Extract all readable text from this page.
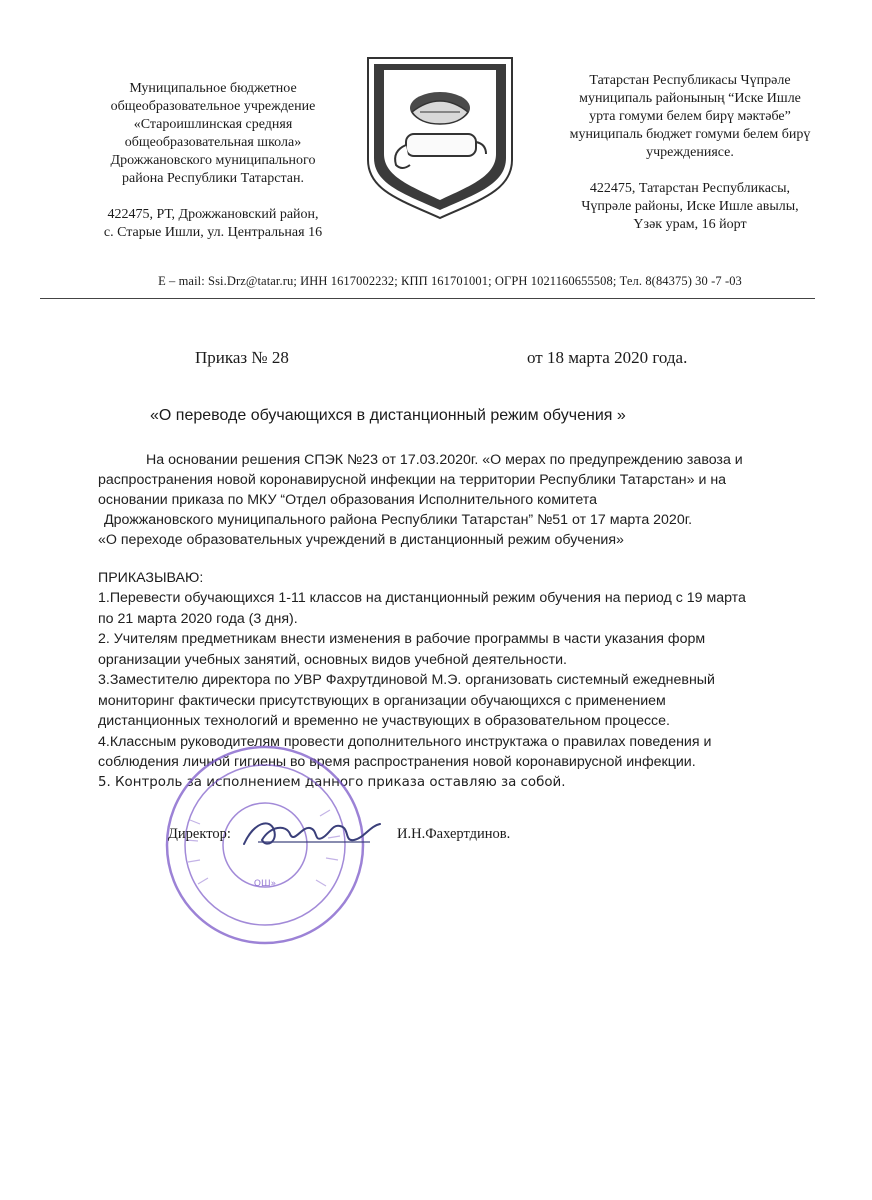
Муниципальное бюджетное
общеобразовательное учреждение
«Староишлинская средняя
общеобразовательная школа»
Дрожжановского муниципального
района Республики Татарстан.
422475, РТ, Дрожжановский район,
с. Старые Ишли, ул. Центральная 16
Татарстан Республикасы Чүпрәле
муниципаль районының “Иске Ишле
урта гомуми белем бирү мәктәбе”
муниципаль бюджет гомуми белем бирү
учреждениясе.
422475, Татарстан Республикасы,
Чүпрәле районы, Иске Ишле авылы,
Үзәк урам, 16 йорт
E – mail: Ssi.Drz@tatar.ru; ИНН 1617002232; КПП 161701001; ОГРН 1021160655508; Тел. 8(84375) 30 -7 -03
Приказ № 28	от 18 марта 2020 года.
«О переводе обучающихся в дистанционный режим обучения »
На основании решения СПЭК №23 от 17.03.2020г. «О мерах по предупреждению завоза и
распространения новой коронавирусной инфекции на территории Республики Татарстан» и на
основании приказа по МКУ “Отдел образования Исполнительного комитета
Дрожжановского муниципального района Республики Татарстан” №51 от 17 марта 2020г.
«О переходе образовательных учреждений в дистанционный режим обучения»
ПРИКАЗЫВАЮ:
1.Перевести обучающихся 1-11 классов на дистанционный режим обучения на период с 19 марта
по 21 марта 2020 года (3 дня).
2. Учителям предметникам внести изменения в рабочие программы в части указания форм
организации учебных занятий, основных видов учебной деятельности.
3.Заместителю директора по УВР Фахрутдиновой М.Э. организовать системный ежедневный
мониторинг фактически присутствующих в организации обучающихся с применением
дистанционных технологий и временно не участвующих в образовательном процессе.
4.Классным руководителям провести дополнительного инструктажа о правилах поведения и
соблюдения личной гигиены во время распространения новой коронавирусной инфекции.
5. Контроль за исполнением данного приказа оставляю за собой.
ОШ»
Директор:	И.Н.Фахертдинов.
